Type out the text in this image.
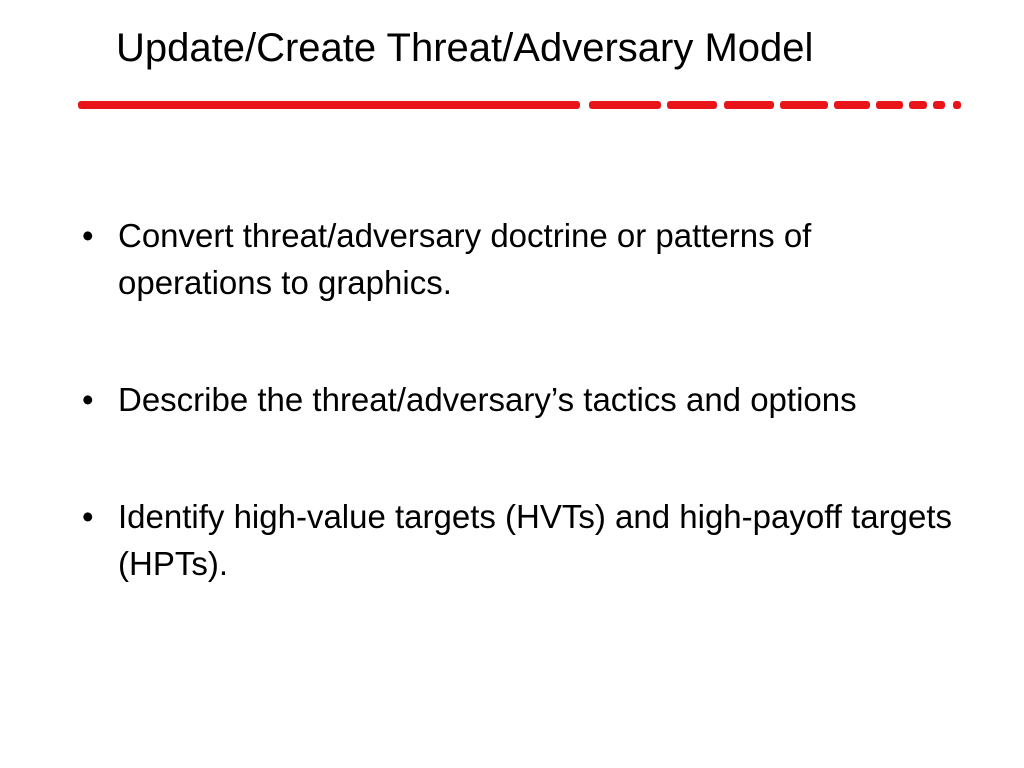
Update/Create Threat/Adversary Model
• Convert threat/adversary doctrine or patterns of operations to graphics.
• Describe the threat/adversary’s tactics and options
• Identify high-value targets (HVTs) and high-payoff targets (HPTs).
